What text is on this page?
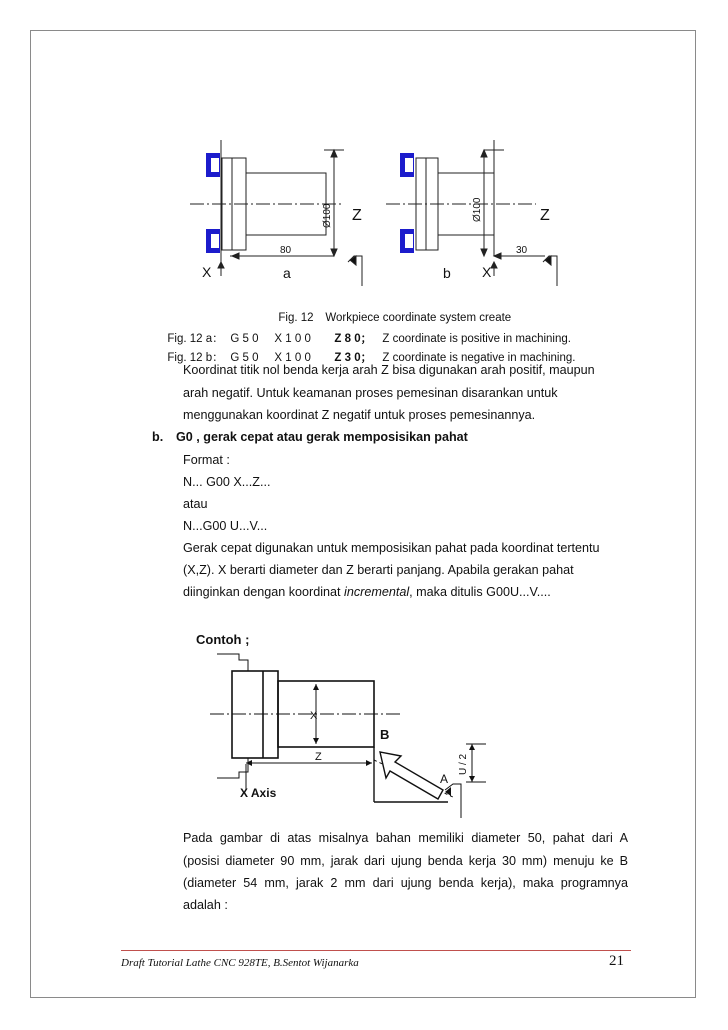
Ø100 Z
80
X	a
Ø100	Z
30
X
b

Fig. 12 Workpiece coordinate system create

Fig. 12 a： G 5 0 X 1 0 0 Z 8 0； Z coordinate is positive in machining.

Fig. 12 b： G 5 0 X 1 0 0 Z 3 0； Z coordinate is negative in machining.

Koordinat titik nol benda kerja arah Z bisa digunakan arah positif, maupun
arah negatif. Untuk keamanan proses pemesinan disarankan untuk
menggunakan koordinat Z negatif untuk proses pemesinannya.
b. G0 , gerak cepat atau gerak memposisikan pahat
Format :
N... G00 X...Z...
atau
N...G00 U...V...
Gerak cepat digunakan untuk memposisikan pahat pada koordinat tertentu
(X,Z). X berarti diameter dan Z berarti panjang. Apabila gerakan pahat
diinginkan dengan koordinat incremental, maka ditulis G00U...V....
X
Z
B
A
U / 2
X Axis
Contoh ;
Pada gambar di atas misalnya bahan memiliki diameter 50, pahat dari A
(posisi diameter 90 mm, jarak dari ujung benda kerja 30 mm) menuju ke B
(diameter 54 mm, jarak 2 mm dari ujung benda kerja), maka programnya
adalah :
Draft Tutorial Lathe CNC 928TE, B.Sentot Wijanarka	21
